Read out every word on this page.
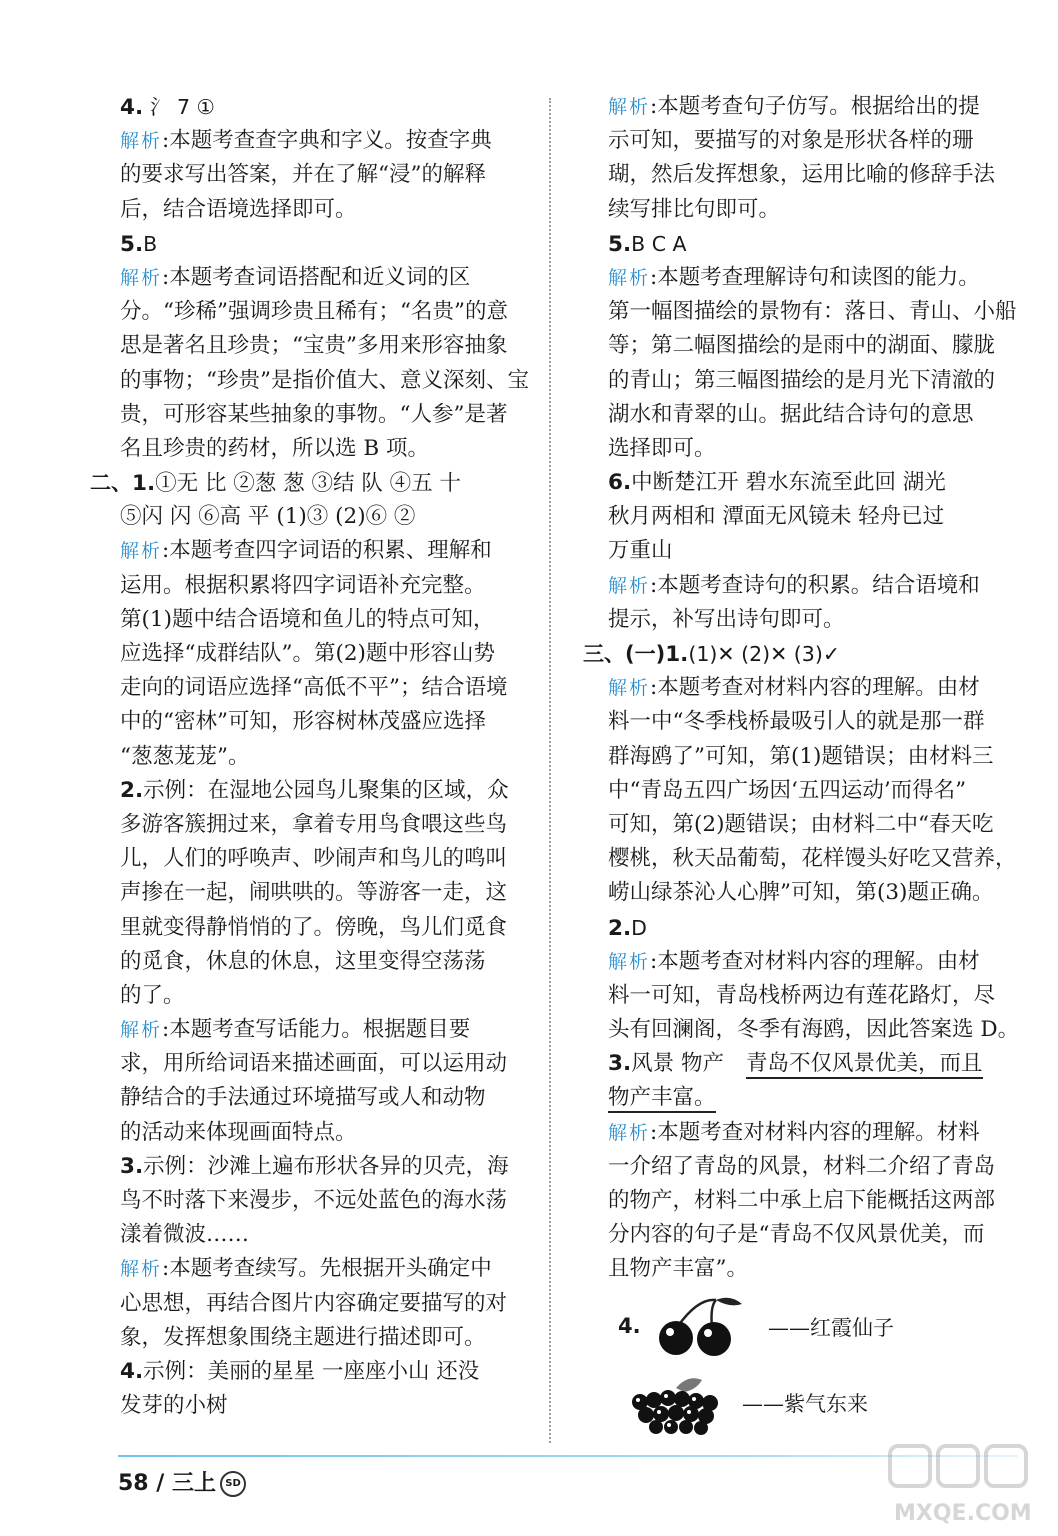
4. 氵 7 ①
解析:本题考查查字典和字义。按查字典
的要求写出答案，并在了解“浸”的解释
后，结合语境选择即可。
5.B
解析:本题考查词语搭配和近义词的区
分。“珍稀”强调珍贵且稀有；“名贵”的意
思是著名且珍贵；“宝贵”多用来形容抽象
的事物；“珍贵”是指价值大、意义深刻、宝
贵，可形容某些抽象的事物。“人参”是著
名且珍贵的药材，所以选 B 项。
二、1.①无 比 ②葱 葱 ③结 队 ④五 十
⑤闪 闪 ⑥高 平 (1)③ (2)⑥ ②
解析:本题考查四字词语的积累、理解和
运用。根据积累将四字词语补充完整。
第(1)题中结合语境和鱼儿的特点可知，
应选择“成群结队”。第(2)题中形容山势
走向的词语应选择“高低不平”；结合语境
中的“密林”可知，形容树林茂盛应选择
“葱葱茏茏”。
2.示例：在湿地公园鸟儿聚集的区域，众
多游客簇拥过来，拿着专用鸟食喂这些鸟
儿，人们的呼唤声、吵闹声和鸟儿的鸣叫
声掺在一起，闹哄哄的。等游客一走，这
里就变得静悄悄的了。傍晚，鸟儿们觅食
的觅食，休息的休息，这里变得空荡荡
的了。
解析:本题考查写话能力。根据题目要
求，用所给词语来描述画面，可以运用动
静结合的手法通过环境描写或人和动物
的活动来体现画面特点。
3.示例：沙滩上遍布形状各异的贝壳，海
鸟不时落下来漫步，不远处蓝色的海水荡
漾着微波……
解析:本题考查续写。先根据开头确定中
心思想，再结合图片内容确定要描写的对
象，发挥想象围绕主题进行描述即可。
4.示例：美丽的星星 一座座小山 还没
发芽的小树
解析:本题考查句子仿写。根据给出的提
示可知，要描写的对象是形状各样的珊
瑚，然后发挥想象，运用比喻的修辞手法
续写排比句即可。
5.B C A
解析:本题考查理解诗句和读图的能力。
第一幅图描绘的景物有：落日、青山、小船
等；第二幅图描绘的是雨中的湖面、朦胧
的青山；第三幅图描绘的是月光下清澈的
湖水和青翠的山。据此结合诗句的意思
选择即可。
6.中断楚江开 碧水东流至此回 湖光
秋月两相和 潭面无风镜未 轻舟已过
万重山
解析:本题考查诗句的积累。结合语境和
提示，补写出诗句即可。
三、(一)1.(1)✕ (2)✕ (3)✓
解析:本题考查对材料内容的理解。由材
料一中“冬季栈桥最吸引人的就是那一群
群海鸥了”可知，第(1)题错误；由材料三
中“青岛五四广场因‘五四运动’而得名”
可知，第(2)题错误；由材料二中“春天吃
樱桃，秋天品葡萄，花样馒头好吃又营养，
崂山绿茶沁人心脾”可知，第(3)题正确。
2.D
解析:本题考查对材料内容的理解。由材
料一可知，青岛栈桥两边有莲花路灯，尽
头有回澜阁，冬季有海鸥，因此答案选 D。
3.风景 物产 青岛不仅风景优美，而且
物产丰富。
解析:本题考查对材料内容的理解。材料
一介绍了青岛的风景，材料二介绍了青岛
的物产，材料二中承上启下能概括这两部
分内容的句子是“青岛不仅风景优美，而
且物产丰富”。
4.	——红霞仙子
——紫气东来
58 / 三上 SD
MXQE.COM
